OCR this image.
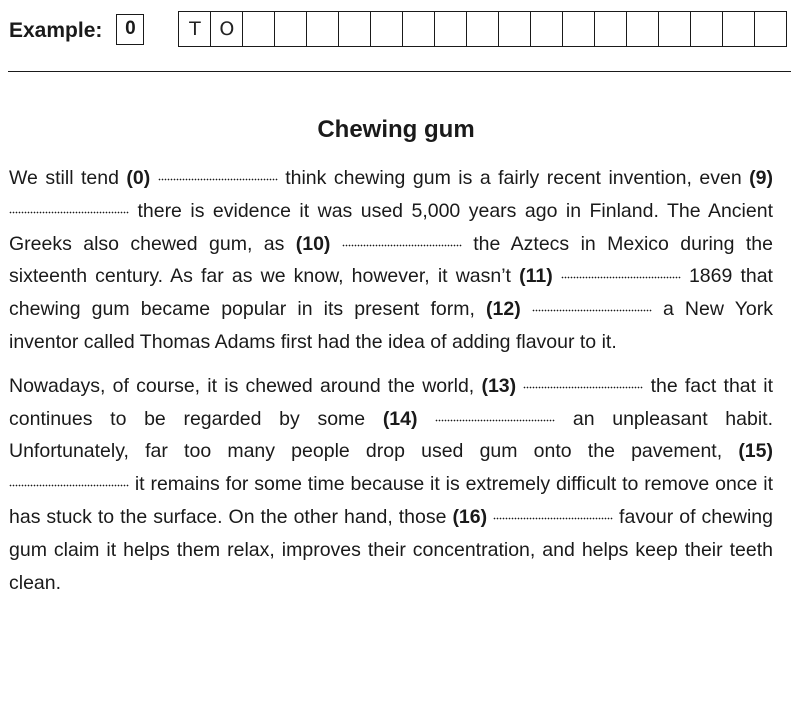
Example:	0	T O
Chewing gum

We still tend (0)	think chewing gum is a fairly recent invention, even (9)  there is evidence it was used 5,000 years ago in Finland. The Ancient Greeks also chewed gum, as (10)	the Aztecs in Mexico during the sixteenth century. As far as we know, however, it wasn’t (11)	1869 that chewing gum became popular in its present form, (12)	a New York inventor called Thomas Adams first had the idea of adding flavour to it.

Nowadays, of course, it is chewed around the world, (13)	the fact that it continues to be regarded by some (14)	an unpleasant habit. Unfortunately, far too many people drop used gum onto the pavement, (15)  it remains for some time because it is extremely difficult to remove once it has stuck to the surface. On the other hand, those (16)	favour of chewing gum claim it helps them relax, improves their concentration, and helps keep their teeth clean.
